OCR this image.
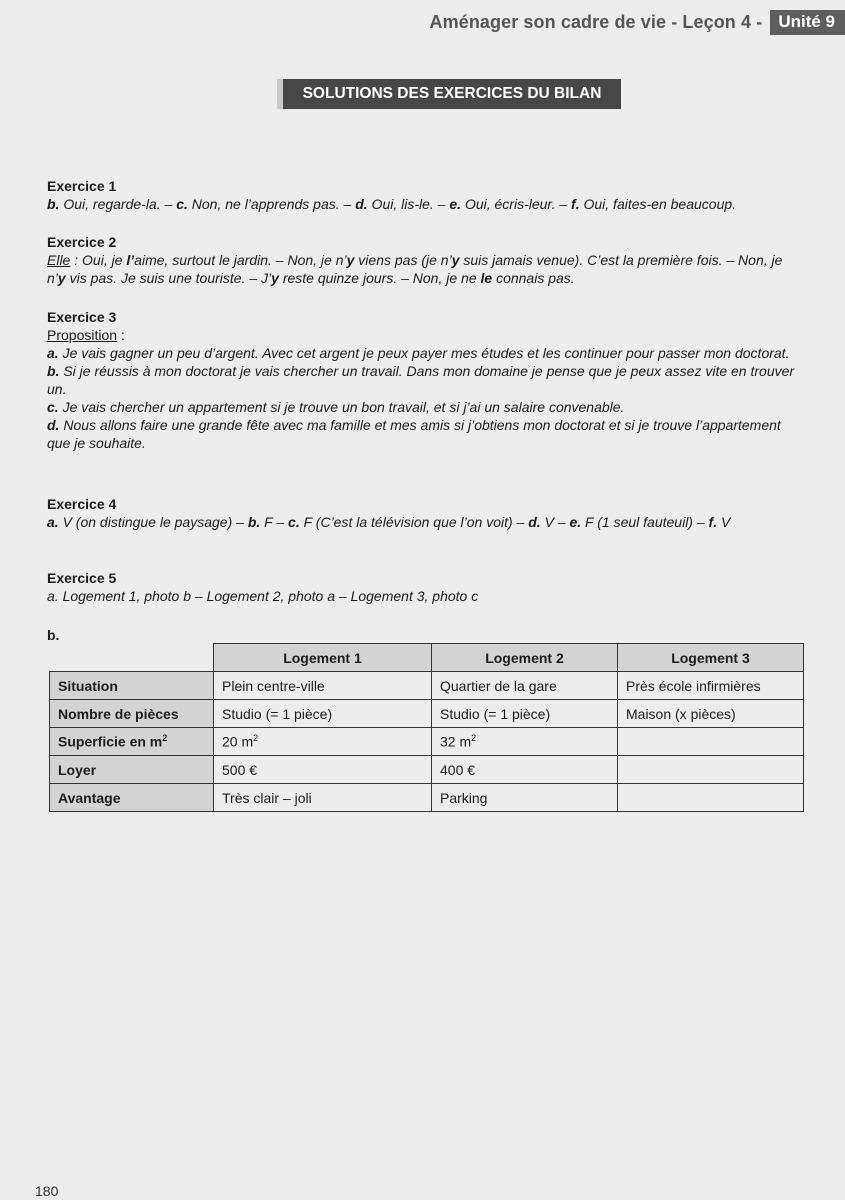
Aménager son cadre de vie - Leçon 4 - Unité 9
SOLUTIONS DES EXERCICES DU BILAN
Exercice 1
b. Oui, regarde-la. – c. Non, ne l’apprends pas. – d. Oui, lis-le. – e. Oui, écris-leur. – f. Oui, faites-en beaucoup.
Exercice 2
Elle : Oui, je l’aime, surtout le jardin. – Non, je n’y viens pas (je n’y suis jamais venue). C’est la première fois. – Non, je
n’y vis pas. Je suis une touriste. – J’y reste quinze jours. – Non, je ne le connais pas.
Exercice 3
Proposition :
a. Je vais gagner un peu d’argent. Avec cet argent je peux payer mes études et les continuer pour passer mon doctorat.
b. Si je réussis à mon doctorat je vais chercher un travail. Dans mon domaine je pense que je peux assez vite en trouver
un.
c. Je vais chercher un appartement si je trouve un bon travail, et si j’ai un salaire convenable.
d. Nous allons faire une grande fête avec ma famille et mes amis si j’obtiens mon doctorat et si je trouve l’appartement
que je souhaite.
Exercice 4
a. V (on distingue le paysage) – b. F – c. F (C’est la télévision que l’on voit) – d. V – e. F (1 seul fauteuil) – f. V
Exercice 5
a. Logement 1, photo b – Logement 2, photo a – Logement 3, photo c
b.
	Logement 1	Logement 2	Logement 3
Situation	Plein centre-ville	Quartier de la gare	Près école infirmières
Nombre de pièces	Studio (= 1 pièce)	Studio (= 1 pièce)	Maison (x pièces)
Superficie en $m^2$	20 $m^2$	32 $m^2$	
Loyer	500 €	400 €	
Avantage	Très clair – joli	Parking	
180
